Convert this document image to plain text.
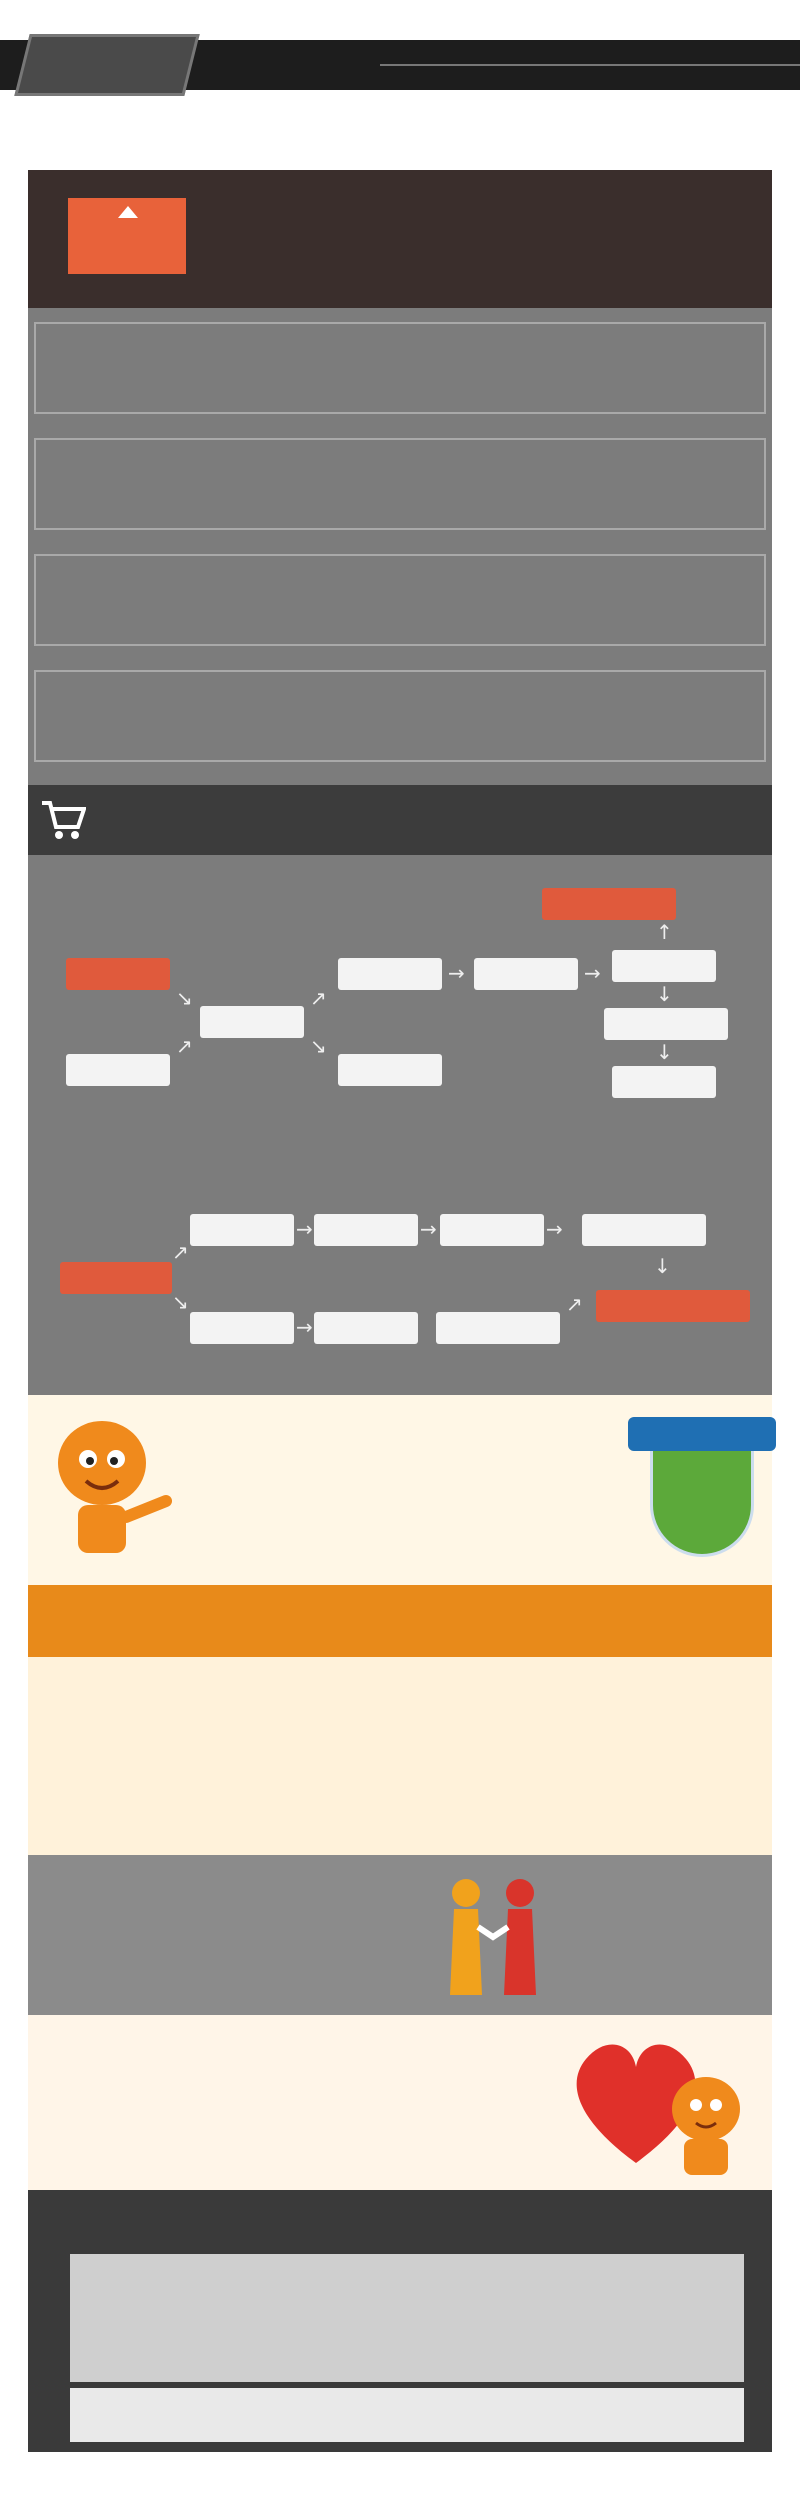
↘
↗
↗
↘
→	→
↑
↓
↓
↗
↘
→
→
→	→
↗
↓
